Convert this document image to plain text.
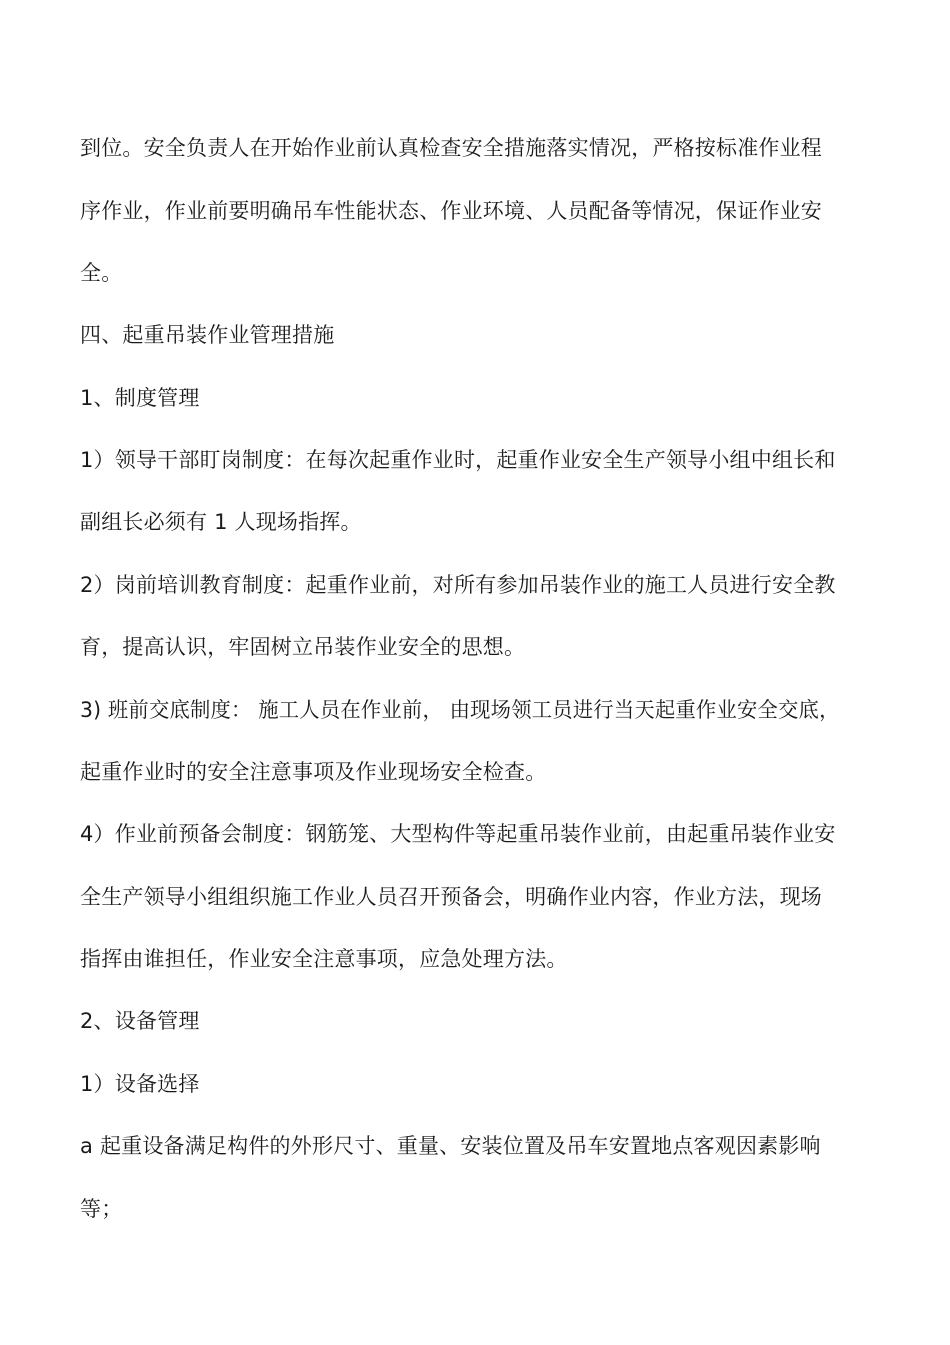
到位。安全负责人在开始作业前认真检查安全措施落实情况，严格按标准作业程
序作业，作业前要明确吊车性能状态、作业环境、人员配备等情况，保证作业安
全。
四、起重吊装作业管理措施
1、制度管理
1）领导干部盯岗制度：在每次起重作业时，起重作业安全生产领导小组中组长和
副组长必须有 1 人现场指挥。
2）岗前培训教育制度：起重作业前，对所有参加吊装作业的施工人员进行安全教
育，提高认识，牢固树立吊装作业安全的思想。
3) 班前交底制度： 施工人员在作业前， 由现场领工员进行当天起重作业安全交底，
起重作业时的安全注意事项及作业现场安全检查。
4）作业前预备会制度：钢筋笼、大型构件等起重吊装作业前，由起重吊装作业安
全生产领导小组组织施工作业人员召开预备会，明确作业内容，作业方法，现场
指挥由谁担任，作业安全注意事项，应急处理方法。
2、设备管理
1）设备选择
a 起重设备满足构件的外形尺寸、重量、安装位置及吊车安置地点客观因素影响
等；
